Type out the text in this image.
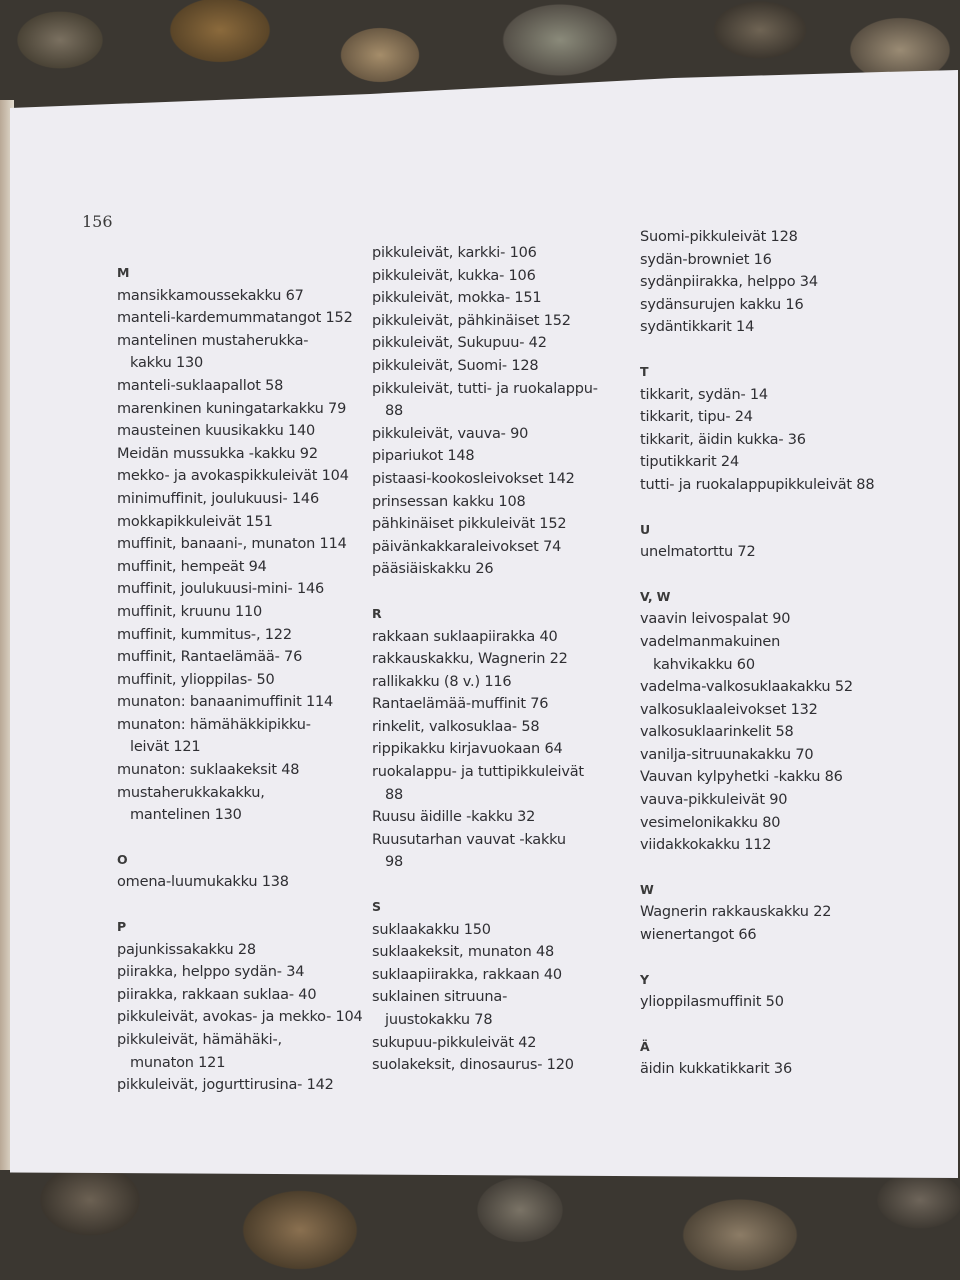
156

M
mansikkamoussekakku 67
manteli-kardemummatangot 152
mantelinen mustaherukka-
kakku 130
manteli-suklaapallot 58
marenkinen kuningatarkakku 79
mausteinen kuusikakku 140
Meidän mussukka -kakku 92
mekko- ja avokaspikkuleivät 104
minimuffinit, joulukuusi- 146
mokkapikkuleivät 151
muffinit, banaani-, munaton 114
muffinit, hempeät 94
muffinit, joulukuusi-mini- 146
muffinit, kruunu 110
muffinit, kummitus-, 122
muffinit, Rantaelämää- 76
muffinit, ylioppilas- 50
munaton: banaanimuffinit 114
munaton: hämähäkkipikku-
leivät 121
munaton: suklaakeksit 48
mustaherukkakakku,
mantelinen 130
O
omena-luumukakku 138
P
pajunkissakakku 28
piirakka, helppo sydän- 34
piirakka, rakkaan suklaa- 40
pikkuleivät, avokas- ja mekko- 104
pikkuleivät, hämähäki-,
munaton 121
pikkuleivät, jogurttirusina- 142
pikkuleivät, karkki- 106
pikkuleivät, kukka- 106
pikkuleivät, mokka- 151
pikkuleivät, pähkinäiset 152
pikkuleivät, Sukupuu- 42
pikkuleivät, Suomi- 128
pikkuleivät, tutti- ja ruokalappu-
88
pikkuleivät, vauva- 90
pipariukot 148
pistaasi-kookosleivokset 142
prinsessan kakku 108
pähkinäiset pikkuleivät 152
päivänkakkaraleivokset 74
pääsiäiskakku 26
R
rakkaan suklaapiirakka 40
rakkauskakku, Wagnerin 22
rallikakku (8 v.) 116
Rantaelämää-muffinit 76
rinkelit, valkosuklaa- 58
rippikakku kirjavuokaan 64
ruokalappu- ja tuttipikkuleivät
88
Ruusu äidille -kakku 32
Ruusutarhan vauvat -kakku
98
S
suklaakakku 150
suklaakeksit, munaton 48
suklaapiirakka, rakkaan 40
suklainen sitruuna-
juustokakku 78
sukupuu-pikkuleivät 42
suolakeksit, dinosaurus- 120
Suomi-pikkuleivät 128
sydän-browniet 16
sydänpiirakka, helppo 34
sydänsurujen kakku 16
sydäntikkarit 14
T
tikkarit, sydän- 14
tikkarit, tipu- 24
tikkarit, äidin kukka- 36
tiputikkarit 24
tutti- ja ruokalappupikkuleivät 88
U
unelmatorttu 72
V, W
vaavin leivospalat 90
vadelmanmakuinen
kahvikakku 60
vadelma-valkosuklaakakku 52
valkosuklaaleivokset 132
valkosuklaarinkelit 58
vanilja-sitruunakakku 70
Vauvan kylpyhetki -kakku 86
vauva-pikkuleivät 90
vesimelonikakku 80
viidakkokakku 112
W
Wagnerin rakkauskakku 22
wienertangot 66
Y
ylioppilasmuffinit 50
Ä
äidin kukkatikkarit 36
